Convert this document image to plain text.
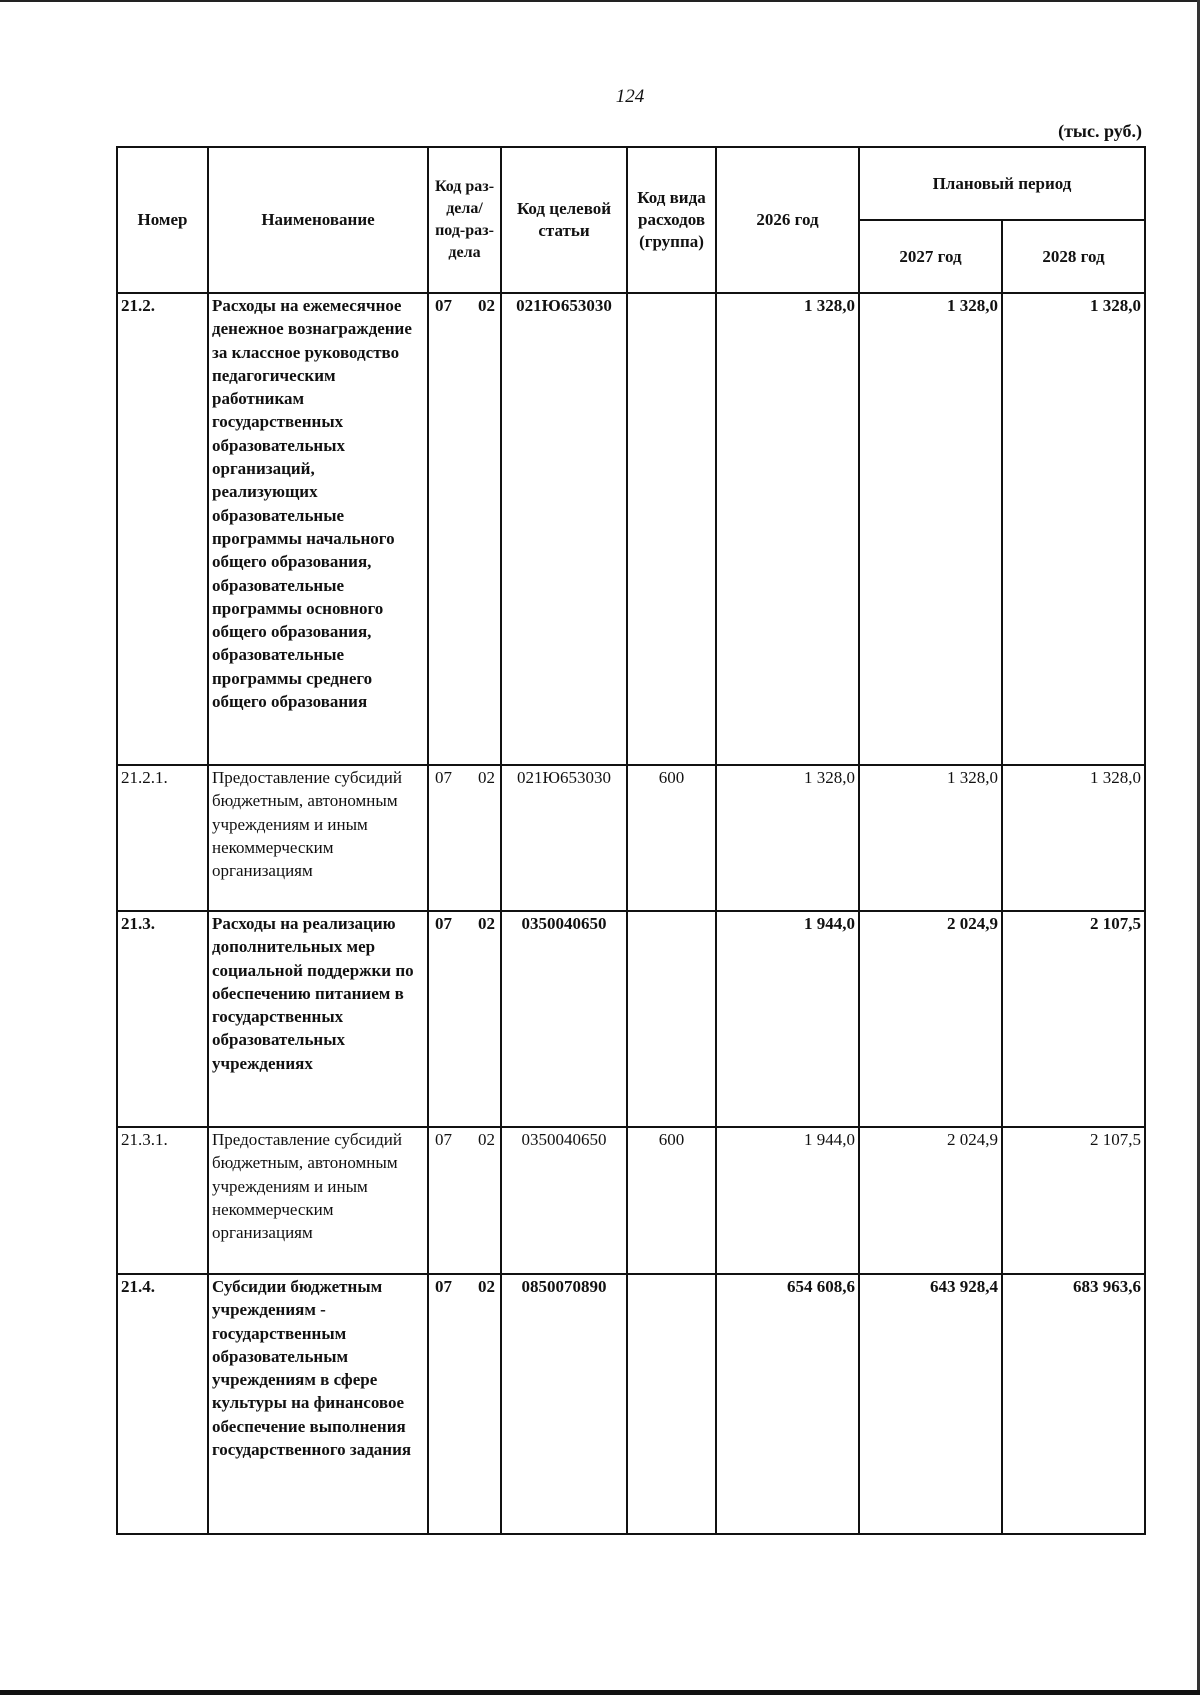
124
(тыс. руб.)
Номер	Наименование	Код раз-дела/ под-раз-дела	Код целевой статьи	Код вида расходов (группа)	2026 год	Плановый период	
						2027 год	2028 год
21.2.	Расходы на ежемесячное денежное вознаграждение за классное руководство педагогическим работникам государственных образовательных организаций, реализующих образовательные программы начального общего образования, образовательные программы основного общего образования, образовательные программы среднего общего образования	07 02	021Ю653030		1 328,0	1 328,0	1 328,0
21.2.1.	Предоставление субсидий бюджетным, автономным учреждениям и иным некоммерческим организациям	07 02	021Ю653030	600	1 328,0	1 328,0	1 328,0
21.3.	Расходы на реализацию дополнительных мер социальной поддержки по обеспечению питанием в государственных образовательных учреждениях	07 02	0350040650		1 944,0	2 024,9	2 107,5
21.3.1.	Предоставление субсидий бюджетным, автономным учреждениям и иным некоммерческим организациям	07 02	0350040650	600	1 944,0	2 024,9	2 107,5
21.4.	Субсидии бюджетным учреждениям - государственным образовательным учреждениям в сфере культуры на финансовое обеспечение выполнения государственного задания	07 02	0850070890		654 608,6	643 928,4	683 963,6
